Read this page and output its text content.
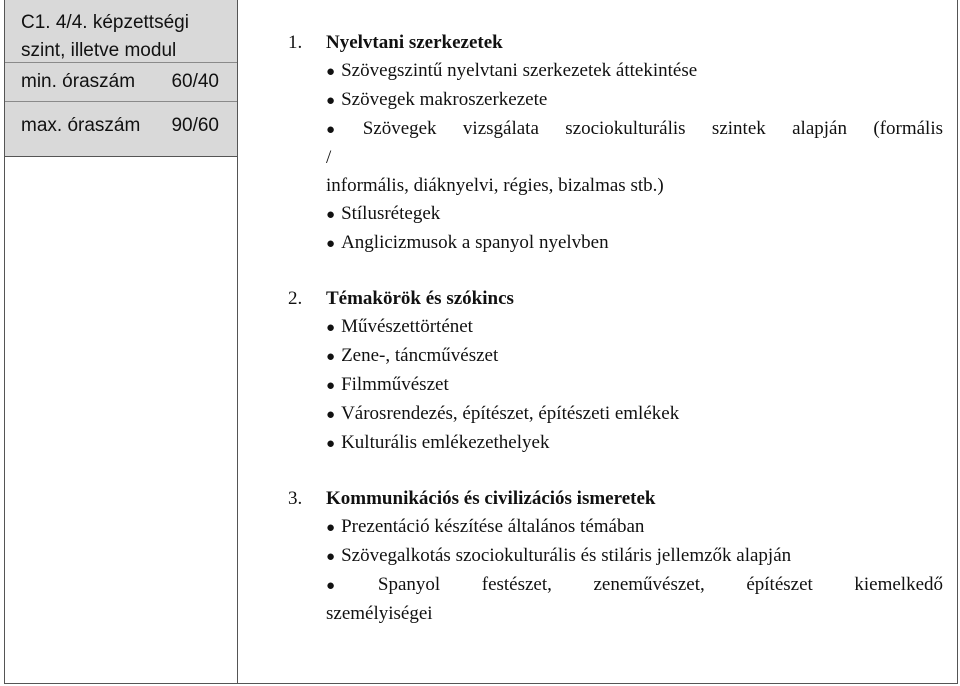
C1. 4/4. képzettségi
szint, illetve modul
min. óraszám 60/40
max. óraszám 90/60
1.	Nyelvtani szerkezetek
● Szövegszintű nyelvtani szerkezetek áttekintése
● Szövegek makroszerkezete
● Szövegek vizsgálata szociokulturális szintek alapján (formális
/
informális, diáknyelvi, régies, bizalmas stb.)
● Stílusrétegek
● Anglicizmusok a spanyol nyelvben
2.	Témakörök és szókincs
● Művészettörténet
● Zene-, táncművészet
● Filmművészet
● Városrendezés, építészet, építészeti emlékek
● Kulturális emlékezethelyek
3.	Kommunikációs és civilizációs ismeretek
● Prezentáció készítése általános témában
● Szövegalkotás szociokulturális és stiláris jellemzők alapján
● Spanyol festészet, zeneművészet, építészet kiemelkedő
személyiségei
